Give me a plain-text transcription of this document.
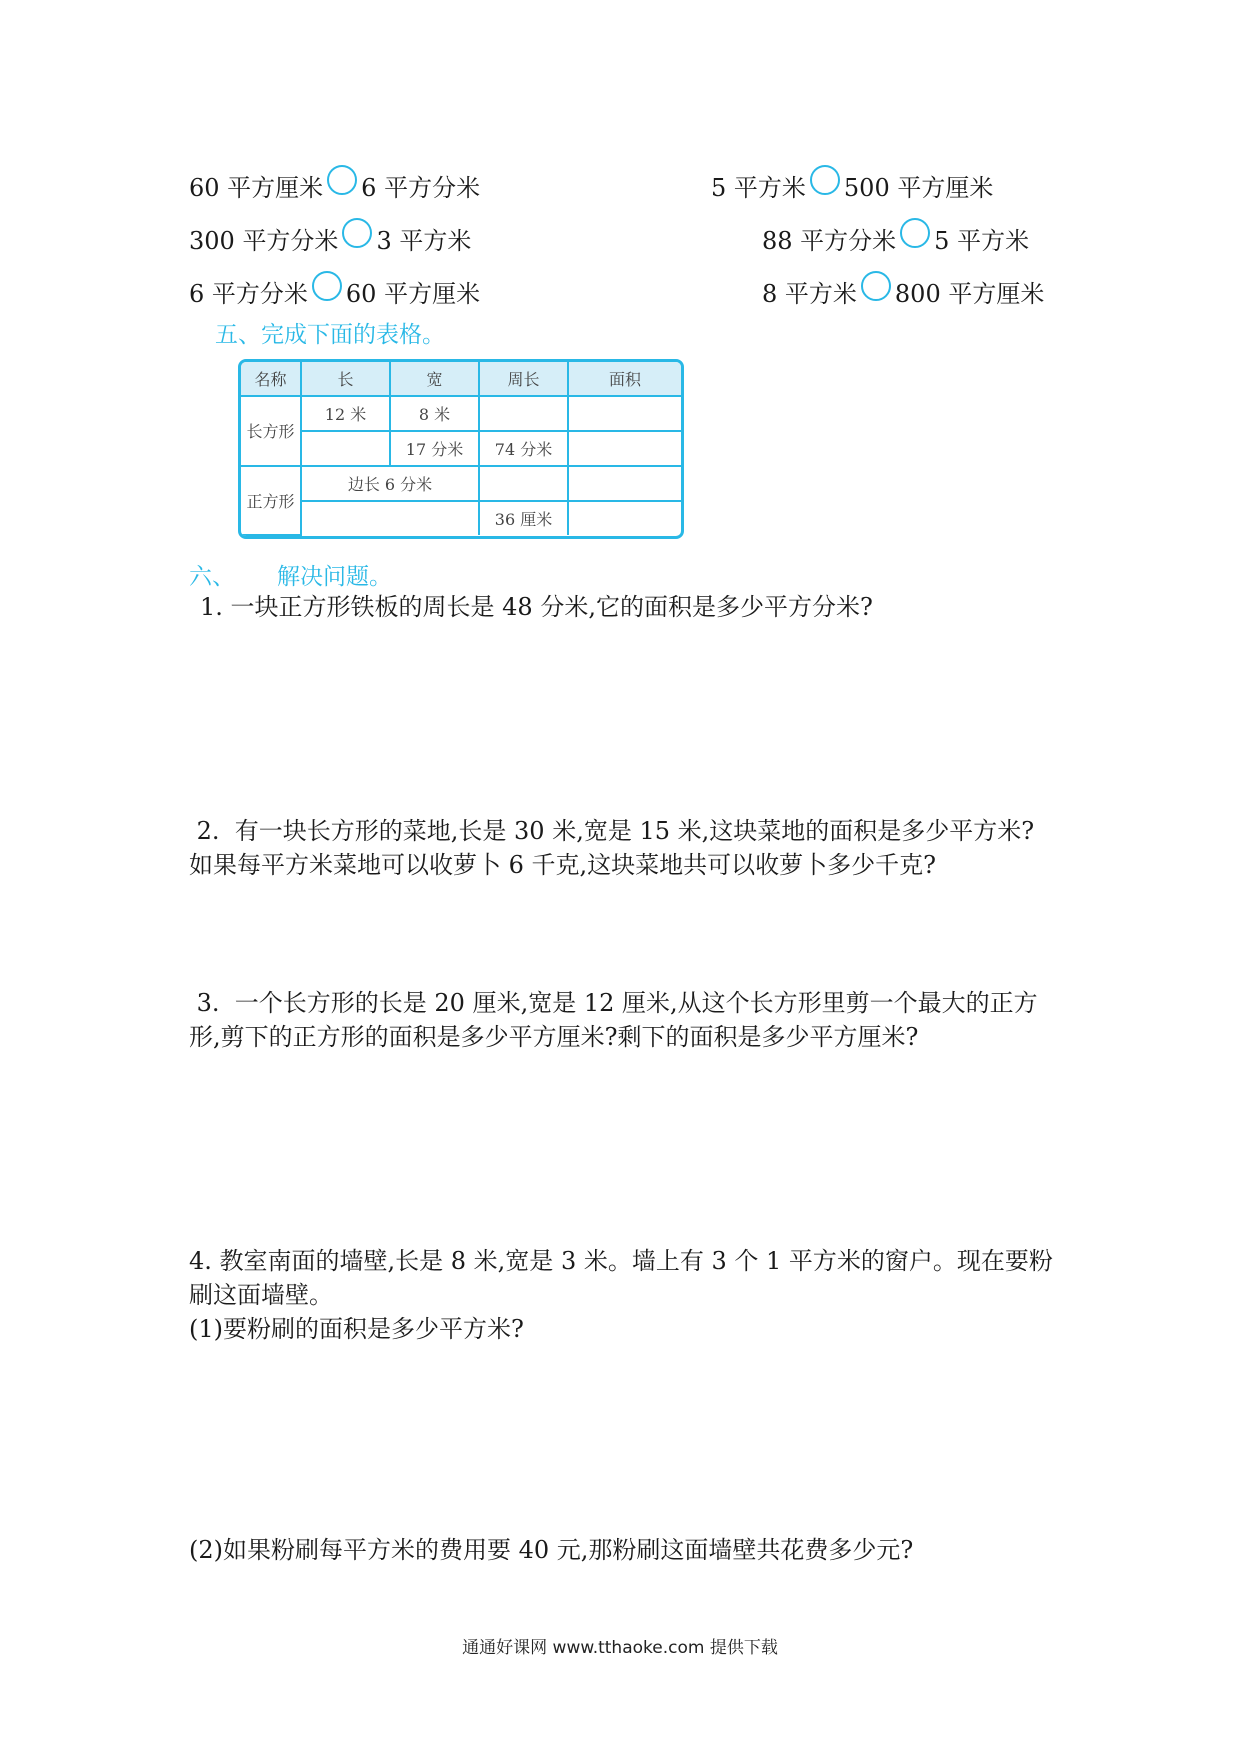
60 平方厘米 6 平方分米
300 平方分米 3 平方米
6 平方分米 60 平方厘米
5 平方米 500 平方厘米
88 平方分米 5 平方米
8 平方米 800 平方厘米
五、完成下面的表格。
名称	长	宽	周长	面积
长方形	12 米	8 米		
		17 分米	74 分米	
正方形	边长 6 分米			
			36 厘米	
六、 解决问题。
1. 一块正方形铁板的周长是 48 分米,它的面积是多少平方分米?
2.  有一块长方形的菜地,长是 30 米,宽是 15 米,这块菜地的面积是多少平方米?
如果每平方米菜地可以收萝卜 6 千克,这块菜地共可以收萝卜多少千克?
3.  一个长方形的长是 20 厘米,宽是 12 厘米,从这个长方形里剪一个最大的正方
形,剪下的正方形的面积是多少平方厘米?剩下的面积是多少平方厘米?
4. 教室南面的墙壁,长是 8 米,宽是 3 米。墙上有 3 个 1 平方米的窗户。现在要粉
刷这面墙壁。
(1)要粉刷的面积是多少平方米?
(2)如果粉刷每平方米的费用要 40 元,那粉刷这面墙壁共花费多少元?
通通好课网 www.tthaoke.com 提供下载
